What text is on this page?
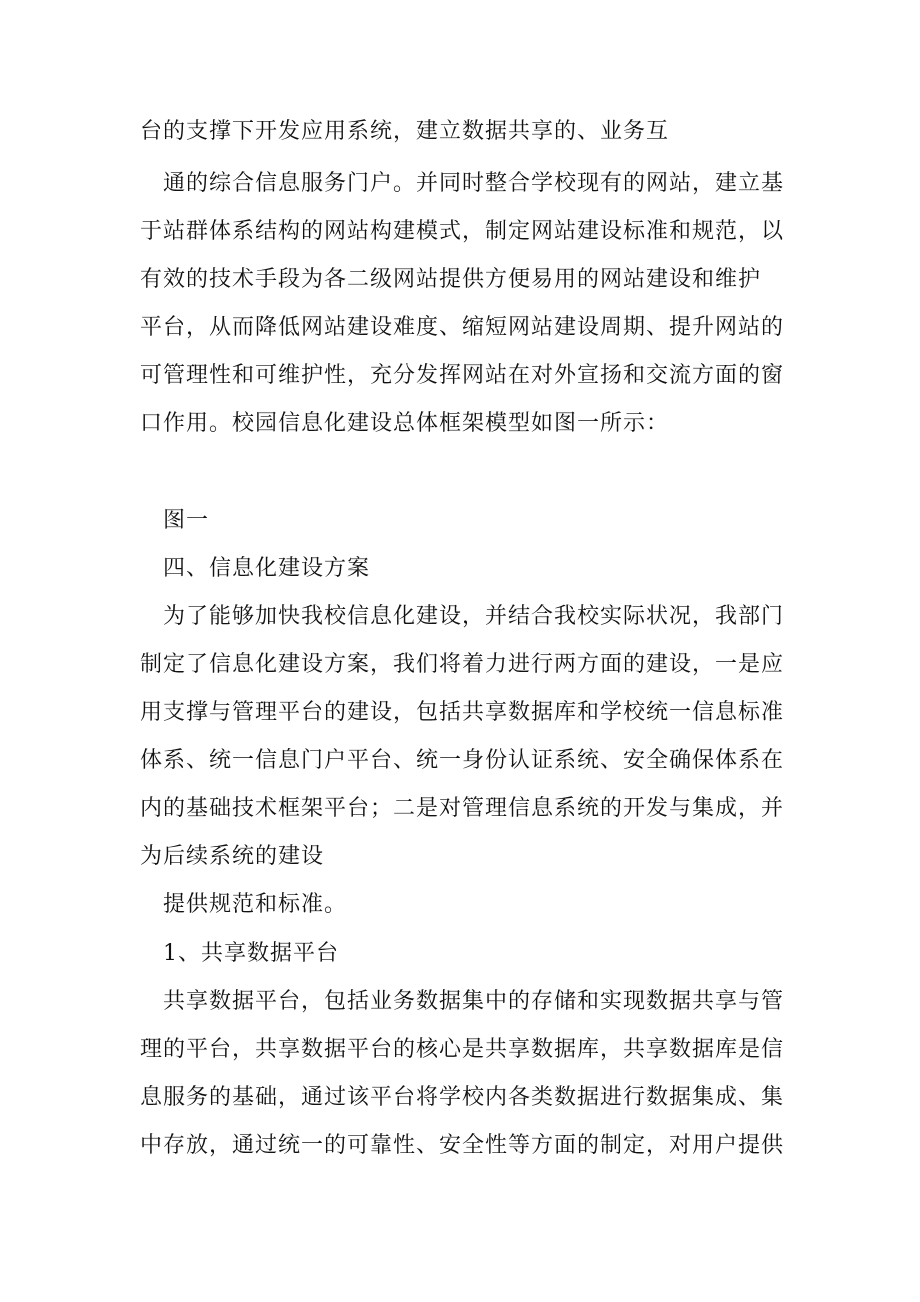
台的支撑下开发应用系统，建立数据共享的、业务互
通的综合信息服务门户。并同时整合学校现有的网站，建立基
于站群体系结构的网站构建模式，制定网站建设标准和规范，以
有效的技术手段为各二级网站提供方便易用的网站建设和维护
平台，从而降低网站建设难度、缩短网站建设周期、提升网站的
可管理性和可维护性，充分发挥网站在对外宣扬和交流方面的窗
口作用。校园信息化建设总体框架模型如图一所示：
图一
四、信息化建设方案
为了能够加快我校信息化建设，并结合我校实际状况，我部门
制定了信息化建设方案，我们将着力进行两方面的建设，一是应
用支撑与管理平台的建设，包括共享数据库和学校统一信息标准
体系、统一信息门户平台、统一身份认证系统、安全确保体系在
内的基础技术框架平台；二是对管理信息系统的开发与集成，并
为后续系统的建设
提供规范和标准。
1、共享数据平台
共享数据平台，包括业务数据集中的存储和实现数据共享与管
理的平台，共享数据平台的核心是共享数据库，共享数据库是信
息服务的基础，通过该平台将学校内各类数据进行数据集成、集
中存放，通过统一的可靠性、安全性等方面的制定，对用户提供
